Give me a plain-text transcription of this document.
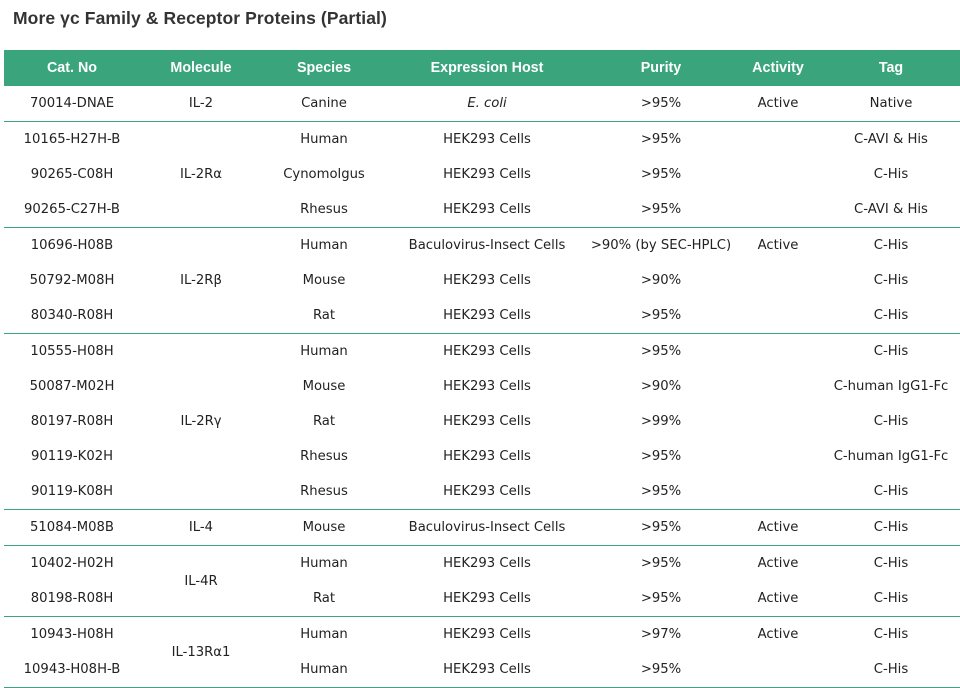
More γc Family & Receptor Proteins (Partial)
Cat. No	Molecule	Species	Expression Host	Purity	Activity	Tag
70014-DNAE	IL-2	Canine	E. coli	>95%	Active	Native
10165-H27H-B	IL-2Rα	Human	HEK293 Cells	>95%		C-AVI & His
90265-C08H		Cynomolgus	HEK293 Cells	>95%		C-His
90265-C27H-B		Rhesus	HEK293 Cells	>95%		C-AVI & His
10696-H08B	IL-2Rβ	Human	Baculovirus-Insect Cells	>90% (by SEC-HPLC)	Active	C-His
50792-M08H		Mouse	HEK293 Cells	>90%		C-His
80340-R08H		Rat	HEK293 Cells	>95%		C-His
10555-H08H	IL-2Rγ	Human	HEK293 Cells	>95%		C-His
50087-M02H		Mouse	HEK293 Cells	>90%		C-human IgG1-Fc
80197-R08H		Rat	HEK293 Cells	>99%		C-His
90119-K02H		Rhesus	HEK293 Cells	>95%		C-human IgG1-Fc
90119-K08H		Rhesus	HEK293 Cells	>95%		C-His
51084-M08B	IL-4	Mouse	Baculovirus-Insect Cells	>95%	Active	C-His
10402-H02H	IL-4R	Human	HEK293 Cells	>95%	Active	C-His
80198-R08H		Rat	HEK293 Cells	>95%	Active	C-His
10943-H08H	IL-13Rα1	Human	HEK293 Cells	>97%	Active	C-His
10943-H08H-B		Human	HEK293 Cells	>95%		C-His
